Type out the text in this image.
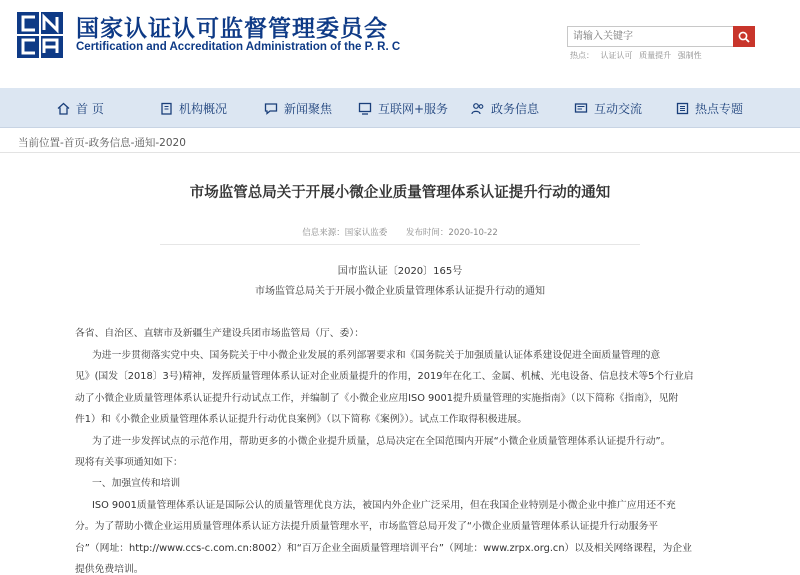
国家认证认可监督管理委员会
Certification and Accreditation Administration of the P. R. C
请输入关键字
热点： 认证认可 质量提升 强制性
首 页	机构概况	新闻聚焦	互联网+服务	政务信息	互动交流	热点专题
当前位置-首页-政务信息-通知-2020
市场监管总局关于开展小微企业质量管理体系认证提升行动的通知
信息来源：国家认监委 发布时间：2020-10-22
国市监认证〔2020〕165号
市场监管总局关于开展小微企业质量管理体系认证提升行动的通知
各省、自治区、直辖市及新疆生产建设兵团市场监管局（厅、委）：
为进一步贯彻落实党中央、国务院关于中小微企业发展的系列部署要求和《国务院关于加强质量认证体系建设促进全面质量管理的意
见》(国发〔2018〕3号)精神，发挥质量管理体系认证对企业质量提升的作用，2019年在化工、金属、机械、光电设备、信息技术等5个行业启
动了小微企业质量管理体系认证提升行动试点工作，并编制了《小微企业应用ISO 9001提升质量管理的实施指南》（以下简称《指南》，见附
件1）和《小微企业质量管理体系认证提升行动优良案例》（以下简称《案例》）。试点工作取得积极进展。
为了进一步发挥试点的示范作用，帮助更多的小微企业提升质量，总局决定在全国范围内开展“小微企业质量管理体系认证提升行动”。
现将有关事项通知如下：
一、加强宣传和培训
ISO 9001质量管理体系认证是国际公认的质量管理优良方法，被国内外企业广泛采用，但在我国企业特别是小微企业中推广应用还不充
分。为了帮助小微企业运用质量管理体系认证方法提升质量管理水平，市场监管总局开发了“小微企业质量管理体系认证提升行动服务平
台”（网址：http://www.ccs-c.com.cn:8002）和“百万企业全面质量管理培训平台”（网址：www.zrpx.org.cn）以及相关网络课程，为企业
提供免费培训。
